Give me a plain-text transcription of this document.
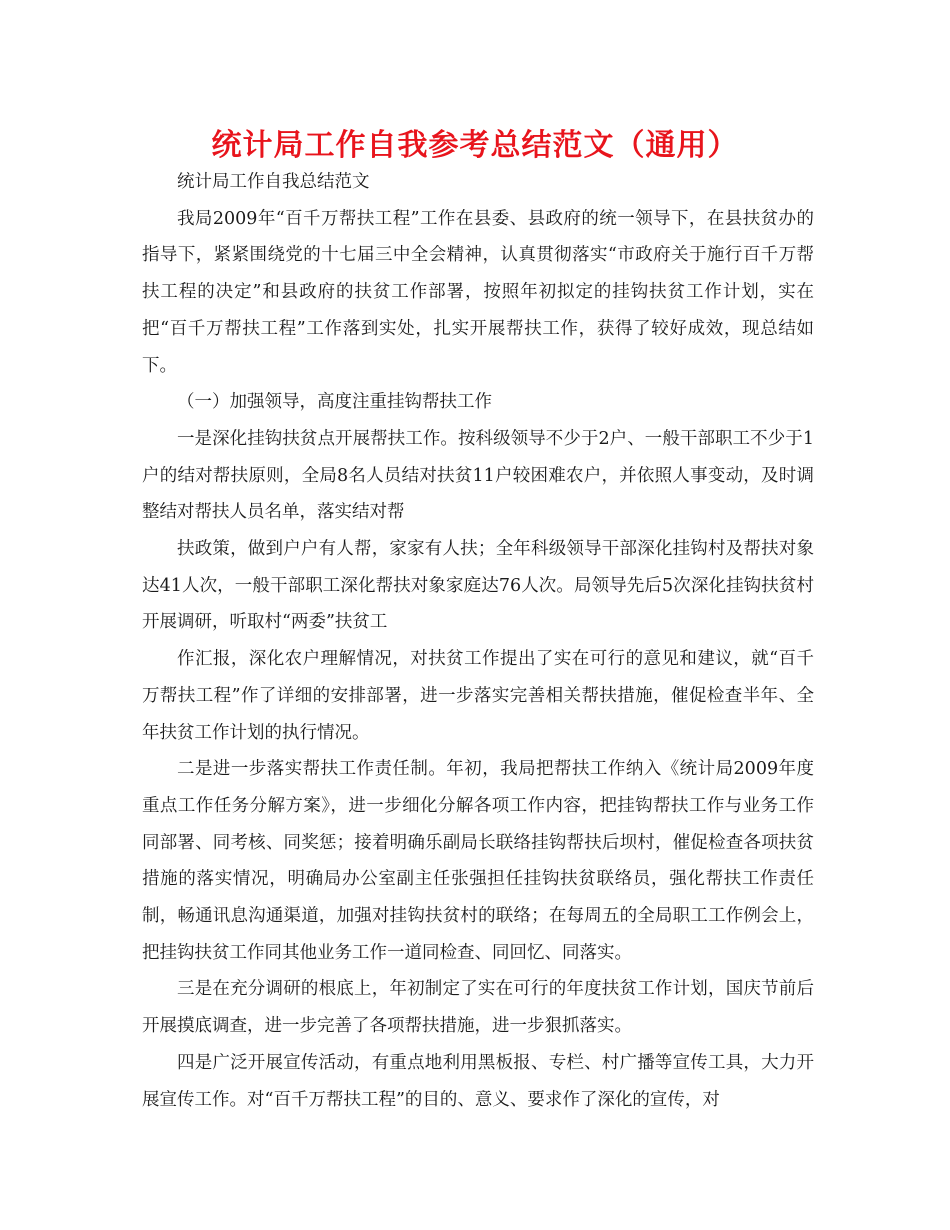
统计局工作自我参考总结范文（通用）

统计局工作自我总结范文

我局2009年“百千万帮扶工程”工作在县委、县政府的统一领导下，在县扶贫办的指导下，紧紧围绕党的十七届三中全会精神，认真贯彻落实“市政府关于施行百千万帮扶工程的决定”和县政府的扶贫工作部署，按照年初拟定的挂钩扶贫工作计划，实在把“百千万帮扶工程”工作落到实处，扎实开展帮扶工作，获得了较好成效，现总结如下。

（一）加强领导，高度注重挂钩帮扶工作

一是深化挂钩扶贫点开展帮扶工作。按科级领导不少于2户、一般干部职工不少于1户的结对帮扶原则，全局8名人员结对扶贫11户较困难农户，并依照人事变动，及时调整结对帮扶人员名单，落实结对帮

扶政策，做到户户有人帮，家家有人扶；全年科级领导干部深化挂钩村及帮扶对象达41人次，一般干部职工深化帮扶对象家庭达76人次。局领导先后5次深化挂钩扶贫村开展调研，听取村“两委”扶贫工

作汇报，深化农户理解情况，对扶贫工作提出了实在可行的意见和建议，就“百千万帮扶工程”作了详细的安排部署，进一步落实完善相关帮扶措施，催促检查半年、全年扶贫工作计划的执行情况。

二是进一步落实帮扶工作责任制。年初，我局把帮扶工作纳入《统计局2009年度重点工作任务分解方案》，进一步细化分解各项工作内容，把挂钩帮扶工作与业务工作同部署、同考核、同奖惩；接着明确乐副局长联络挂钩帮扶后坝村，催促检查各项扶贫措施的落实情况，明确局办公室副主任张强担任挂钩扶贫联络员，强化帮扶工作责任制，畅通讯息沟通渠道，加强对挂钩扶贫村的联络；在每周五的全局职工工作例会上，把挂钩扶贫工作同其他业务工作一道同检查、同回忆、同落实。

三是在充分调研的根底上，年初制定了实在可行的年度扶贫工作计划，国庆节前后开展摸底调查，进一步完善了各项帮扶措施，进一步狠抓落实。

四是广泛开展宣传活动，有重点地利用黑板报、专栏、村广播等宣传工具，大力开展宣传工作。对“百千万帮扶工程”的目的、意义、要求作了深化的宣传，对
